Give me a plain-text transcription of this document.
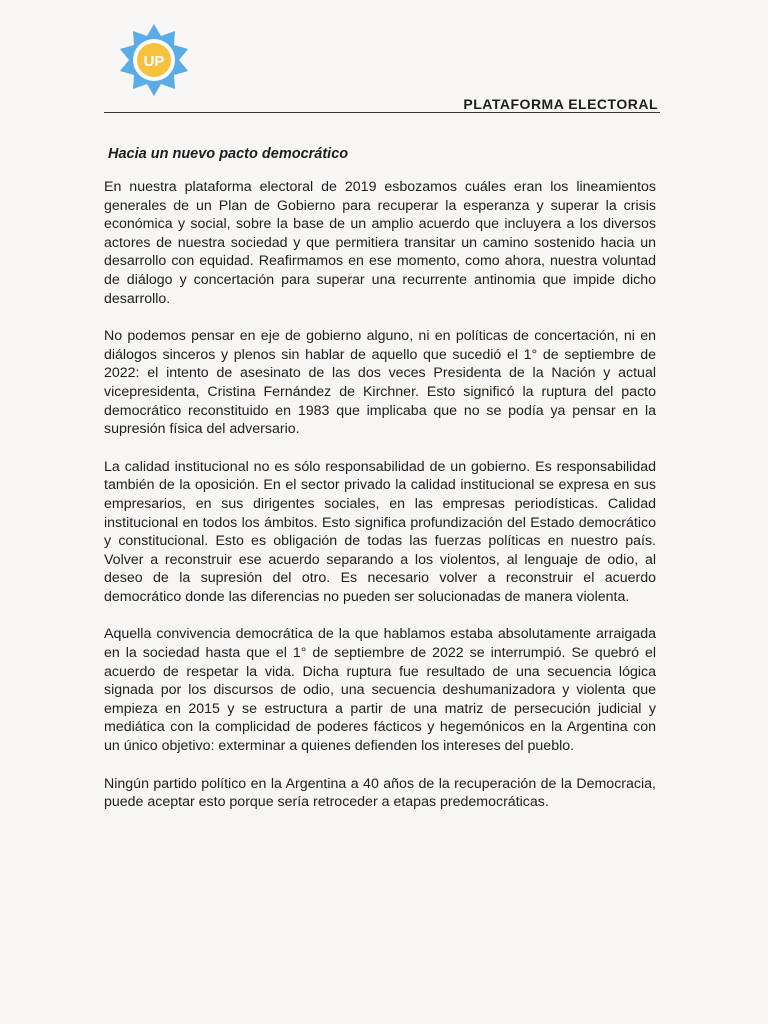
UP
PLATAFORMA ELECTORAL
Hacia un nuevo pacto democrático

En nuestra plataforma electoral de 2019 esbozamos cuáles eran los lineamientos generales de un Plan de Gobierno para recuperar la esperanza y superar la crisis económica y social, sobre la base de un amplio acuerdo que incluyera a los diversos actores de nuestra sociedad y que permitiera transitar un camino sostenido hacia un desarrollo con equidad. Reafirmamos en ese momento, como ahora, nuestra voluntad de diálogo y concertación para superar una recurrente antinomia que impide dicho desarrollo.

No podemos pensar en eje de gobierno alguno, ni en políticas de concertación, ni en diálogos sinceros y plenos sin hablar de aquello que sucedió el 1° de septiembre de 2022: el intento de asesinato de las dos veces Presidenta de la Nación y actual vicepresidenta, Cristina Fernández de Kirchner. Esto significó la ruptura del pacto democrático reconstituido en 1983 que implicaba que no se podía ya pensar en la supresión física del adversario.

La calidad institucional no es sólo responsabilidad de un gobierno. Es responsabilidad también de la oposición. En el sector privado la calidad institucional se expresa en sus empresarios, en sus dirigentes sociales, en las empresas periodísticas. Calidad institucional en todos los ámbitos. Esto significa profundización del Estado democrático y constitucional. Esto es obligación de todas las fuerzas políticas en nuestro país. Volver a reconstruir ese acuerdo separando a los violentos, al lenguaje de odio, al deseo de la supresión del otro. Es necesario volver a reconstruir el acuerdo democrático donde las diferencias no pueden ser solucionadas de manera violenta.

Aquella convivencia democrática de la que hablamos estaba absolutamente arraigada en la sociedad hasta que el 1° de septiembre de 2022 se interrumpió. Se quebró el acuerdo de respetar la vida. Dicha ruptura fue resultado de una secuencia lógica signada por los discursos de odio, una secuencia deshumanizadora y violenta que empieza en 2015 y se estructura a partir de una matriz de persecución judicial y mediática con la complicidad de poderes fácticos y hegemónicos en la Argentina con un único objetivo: exterminar a quienes defienden los intereses del pueblo.

Ningún partido político en la Argentina a 40 años de la recuperación de la Democracia, puede aceptar esto porque sería retroceder a etapas predemocráticas.
